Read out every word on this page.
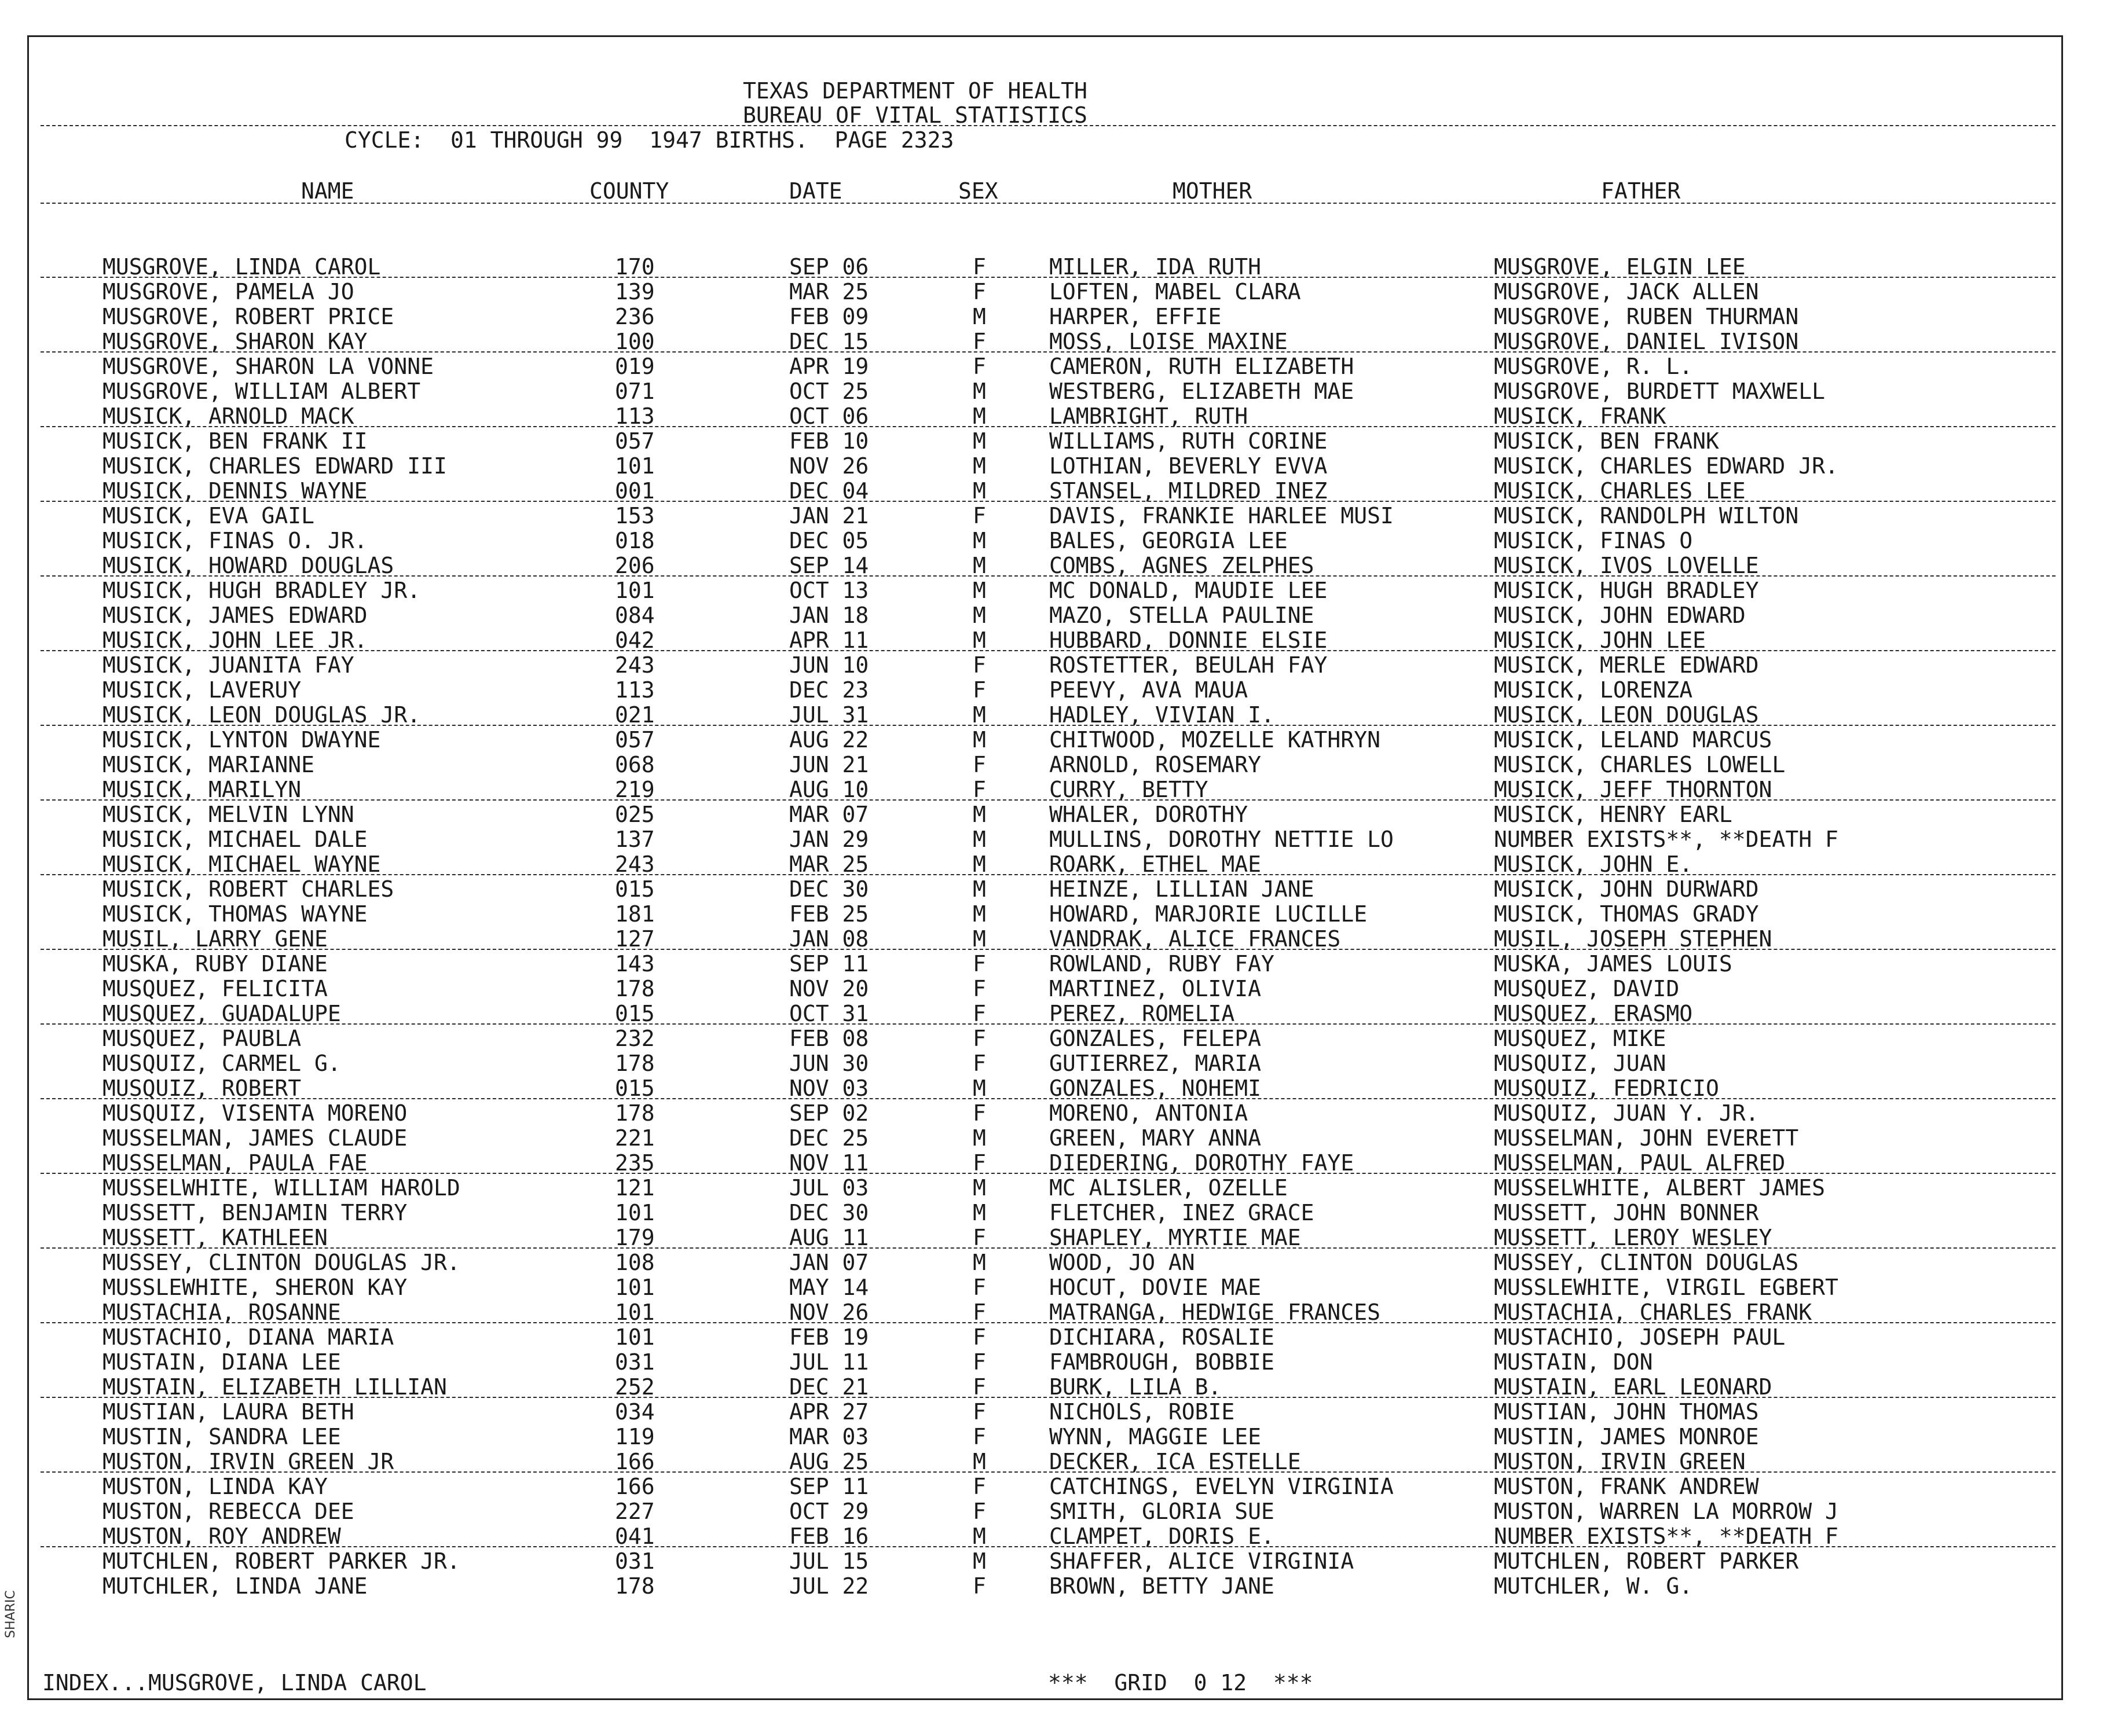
SHARIC
TEXAS DEPARTMENT OF HEALTH
BUREAU OF VITAL STATISTICS
CYCLE:  01 THROUGH 99  1947 BIRTHS.  PAGE 2323
NAME	COUNTY	DATE	SEX	MOTHER	FATHER
MUSGROVE, LINDA CAROL	170	SEP 06	F	MILLER, IDA RUTH	MUSGROVE, ELGIN LEE
MUSGROVE, PAMELA JO	139	MAR 25	F	LOFTEN, MABEL CLARA	MUSGROVE, JACK ALLEN
MUSGROVE, ROBERT PRICE	236	FEB 09	M	HARPER, EFFIE	MUSGROVE, RUBEN THURMAN
MUSGROVE, SHARON KAY	100	DEC 15	F	MOSS, LOISE MAXINE	MUSGROVE, DANIEL IVISON
MUSGROVE, SHARON LA VONNE	019	APR 19	F	CAMERON, RUTH ELIZABETH	MUSGROVE, R. L.
MUSGROVE, WILLIAM ALBERT	071	OCT 25	M	WESTBERG, ELIZABETH MAE	MUSGROVE, BURDETT MAXWELL
MUSICK, ARNOLD MACK	113	OCT 06	M	LAMBRIGHT, RUTH	MUSICK, FRANK
MUSICK, BEN FRANK II	057	FEB 10	M	WILLIAMS, RUTH CORINE	MUSICK, BEN FRANK
MUSICK, CHARLES EDWARD III	101	NOV 26	M	LOTHIAN, BEVERLY EVVA	MUSICK, CHARLES EDWARD JR.
MUSICK, DENNIS WAYNE	001	DEC 04	M	STANSEL, MILDRED INEZ	MUSICK, CHARLES LEE
MUSICK, EVA GAIL	153	JAN 21	F	DAVIS, FRANKIE HARLEE MUSI	MUSICK, RANDOLPH WILTON
MUSICK, FINAS O. JR.	018	DEC 05	M	BALES, GEORGIA LEE	MUSICK, FINAS O
MUSICK, HOWARD DOUGLAS	206	SEP 14	M	COMBS, AGNES ZELPHES	MUSICK, IVOS LOVELLE
MUSICK, HUGH BRADLEY JR.	101	OCT 13	M	MC DONALD, MAUDIE LEE	MUSICK, HUGH BRADLEY
MUSICK, JAMES EDWARD	084	JAN 18	M	MAZO, STELLA PAULINE	MUSICK, JOHN EDWARD
MUSICK, JOHN LEE JR.	042	APR 11	M	HUBBARD, DONNIE ELSIE	MUSICK, JOHN LEE
MUSICK, JUANITA FAY	243	JUN 10	F	ROSTETTER, BEULAH FAY	MUSICK, MERLE EDWARD
MUSICK, LAVERUY	113	DEC 23	F	PEEVY, AVA MAUA	MUSICK, LORENZA
MUSICK, LEON DOUGLAS JR.	021	JUL 31	M	HADLEY, VIVIAN I.	MUSICK, LEON DOUGLAS
MUSICK, LYNTON DWAYNE	057	AUG 22	M	CHITWOOD, MOZELLE KATHRYN	MUSICK, LELAND MARCUS
MUSICK, MARIANNE	068	JUN 21	F	ARNOLD, ROSEMARY	MUSICK, CHARLES LOWELL
MUSICK, MARILYN	219	AUG 10	F	CURRY, BETTY	MUSICK, JEFF THORNTON
MUSICK, MELVIN LYNN	025	MAR 07	M	WHALER, DOROTHY	MUSICK, HENRY EARL
MUSICK, MICHAEL DALE	137	JAN 29	M	MULLINS, DOROTHY NETTIE LO	NUMBER EXISTS**, **DEATH F
MUSICK, MICHAEL WAYNE	243	MAR 25	M	ROARK, ETHEL MAE	MUSICK, JOHN E.
MUSICK, ROBERT CHARLES	015	DEC 30	M	HEINZE, LILLIAN JANE	MUSICK, JOHN DURWARD
MUSICK, THOMAS WAYNE	181	FEB 25	M	HOWARD, MARJORIE LUCILLE	MUSICK, THOMAS GRADY
MUSIL, LARRY GENE	127	JAN 08	M	VANDRAK, ALICE FRANCES	MUSIL, JOSEPH STEPHEN
MUSKA, RUBY DIANE	143	SEP 11	F	ROWLAND, RUBY FAY	MUSKA, JAMES LOUIS
MUSQUEZ, FELICITA	178	NOV 20	F	MARTINEZ, OLIVIA	MUSQUEZ, DAVID
MUSQUEZ, GUADALUPE	015	OCT 31	F	PEREZ, ROMELIA	MUSQUEZ, ERASMO
MUSQUEZ, PAUBLA	232	FEB 08	F	GONZALES, FELEPA	MUSQUEZ, MIKE
MUSQUIZ, CARMEL G.	178	JUN 30	F	GUTIERREZ, MARIA	MUSQUIZ, JUAN
MUSQUIZ, ROBERT	015	NOV 03	M	GONZALES, NOHEMI	MUSQUIZ, FEDRICIO
MUSQUIZ, VISENTA MORENO	178	SEP 02	F	MORENO, ANTONIA	MUSQUIZ, JUAN Y. JR.
MUSSELMAN, JAMES CLAUDE	221	DEC 25	M	GREEN, MARY ANNA	MUSSELMAN, JOHN EVERETT
MUSSELMAN, PAULA FAE	235	NOV 11	F	DIEDERING, DOROTHY FAYE	MUSSELMAN, PAUL ALFRED
MUSSELWHITE, WILLIAM HAROLD	121	JUL 03	M	MC ALISLER, OZELLE	MUSSELWHITE, ALBERT JAMES
MUSSETT, BENJAMIN TERRY	101	DEC 30	M	FLETCHER, INEZ GRACE	MUSSETT, JOHN BONNER
MUSSETT, KATHLEEN	179	AUG 11	F	SHAPLEY, MYRTIE MAE	MUSSETT, LEROY WESLEY
MUSSEY, CLINTON DOUGLAS JR.	108	JAN 07	M	WOOD, JO AN	MUSSEY, CLINTON DOUGLAS
MUSSLEWHITE, SHERON KAY	101	MAY 14	F	HOCUT, DOVIE MAE	MUSSLEWHITE, VIRGIL EGBERT
MUSTACHIA, ROSANNE	101	NOV 26	F	MATRANGA, HEDWIGE FRANCES	MUSTACHIA, CHARLES FRANK
MUSTACHIO, DIANA MARIA	101	FEB 19	F	DICHIARA, ROSALIE	MUSTACHIO, JOSEPH PAUL
MUSTAIN, DIANA LEE	031	JUL 11	F	FAMBROUGH, BOBBIE	MUSTAIN, DON
MUSTAIN, ELIZABETH LILLIAN	252	DEC 21	F	BURK, LILA B.	MUSTAIN, EARL LEONARD
MUSTIAN, LAURA BETH	034	APR 27	F	NICHOLS, ROBIE	MUSTIAN, JOHN THOMAS
MUSTIN, SANDRA LEE	119	MAR 03	F	WYNN, MAGGIE LEE	MUSTIN, JAMES MONROE
MUSTON, IRVIN GREEN JR	166	AUG 25	M	DECKER, ICA ESTELLE	MUSTON, IRVIN GREEN
MUSTON, LINDA KAY	166	SEP 11	F	CATCHINGS, EVELYN VIRGINIA	MUSTON, FRANK ANDREW
MUSTON, REBECCA DEE	227	OCT 29	F	SMITH, GLORIA SUE	MUSTON, WARREN LA MORROW J
MUSTON, ROY ANDREW	041	FEB 16	M	CLAMPET, DORIS E.	NUMBER EXISTS**, **DEATH F
MUTCHLEN, ROBERT PARKER JR.	031	JUL 15	M	SHAFFER, ALICE VIRGINIA	MUTCHLEN, ROBERT PARKER
MUTCHLER, LINDA JANE	178	JUL 22	F	BROWN, BETTY JANE	MUTCHLER, W. G.
INDEX...MUSGROVE, LINDA CAROL	***  GRID  0 12  ***
